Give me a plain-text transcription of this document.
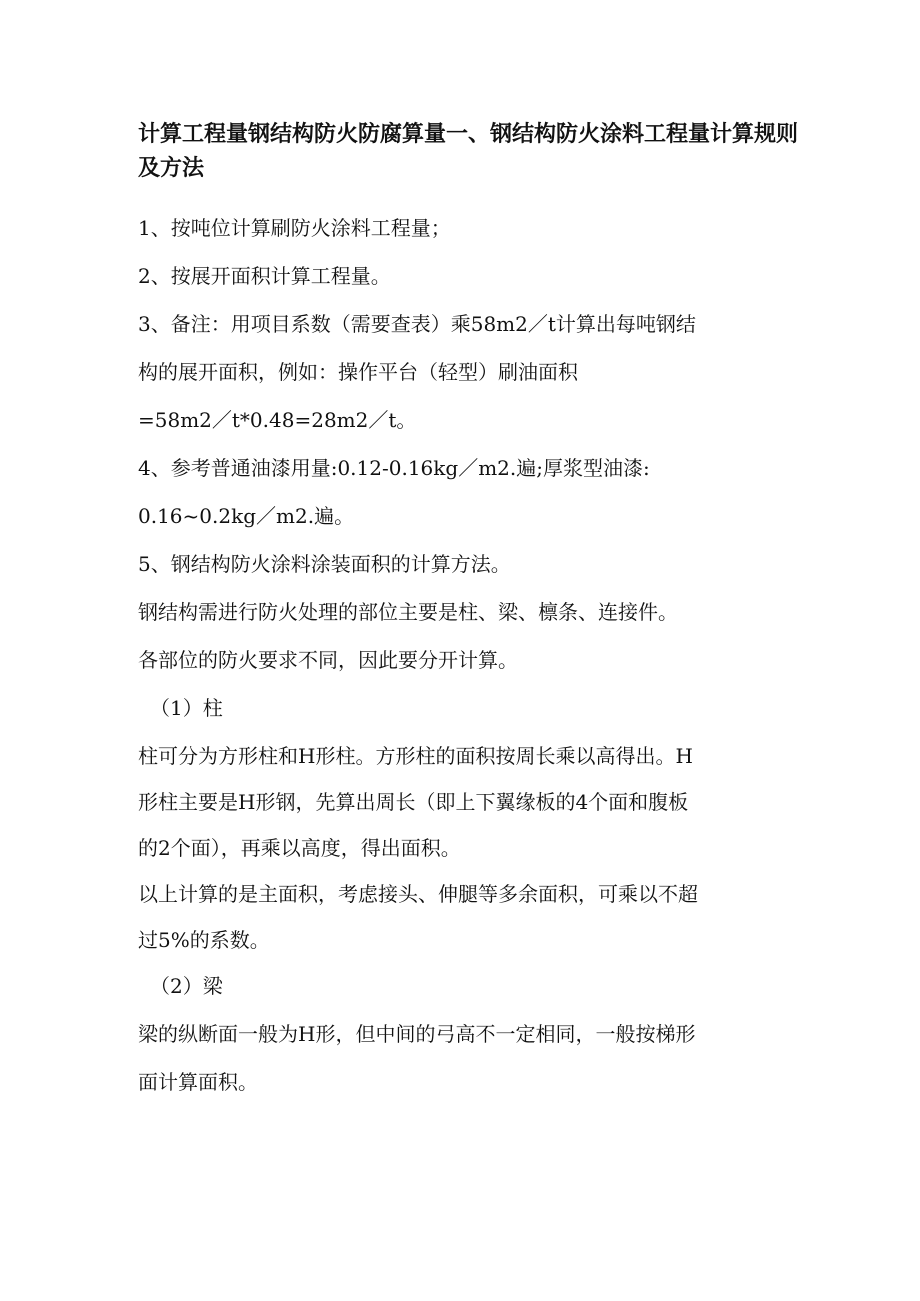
计算工程量钢结构防火防腐算量一、钢结构防火涂料工程量计算规则及方法

1、按吨位计算刷防火涂料工程量；

2、按展开面积计算工程量。

3、备注：用项目系数（需要查表）乘58m2／t计算出每吨钢结

构的展开面积，例如：操作平台（轻型）刷油面积

=58m2／t*0.48=28m2／t。

4、参考普通油漆用量:0.12-0.16kg／m2.遍;厚浆型油漆:

0.16~0.2kg／m2.遍。

5、钢结构防火涂料涂装面积的计算方法。

钢结构需进行防火处理的部位主要是柱、梁、檩条、连接件。

各部位的防火要求不同，因此要分开计算。

（1）柱

柱可分为方形柱和H形柱。方形柱的面积按周长乘以高得出。H

形柱主要是H形钢，先算出周长（即上下翼缘板的4个面和腹板

的2个面），再乘以高度，得出面积。

以上计算的是主面积，考虑接头、伸腿等多余面积，可乘以不超

过5%的系数。

（2）梁

梁的纵断面一般为H形，但中间的弓高不一定相同，一般按梯形

面计算面积。
